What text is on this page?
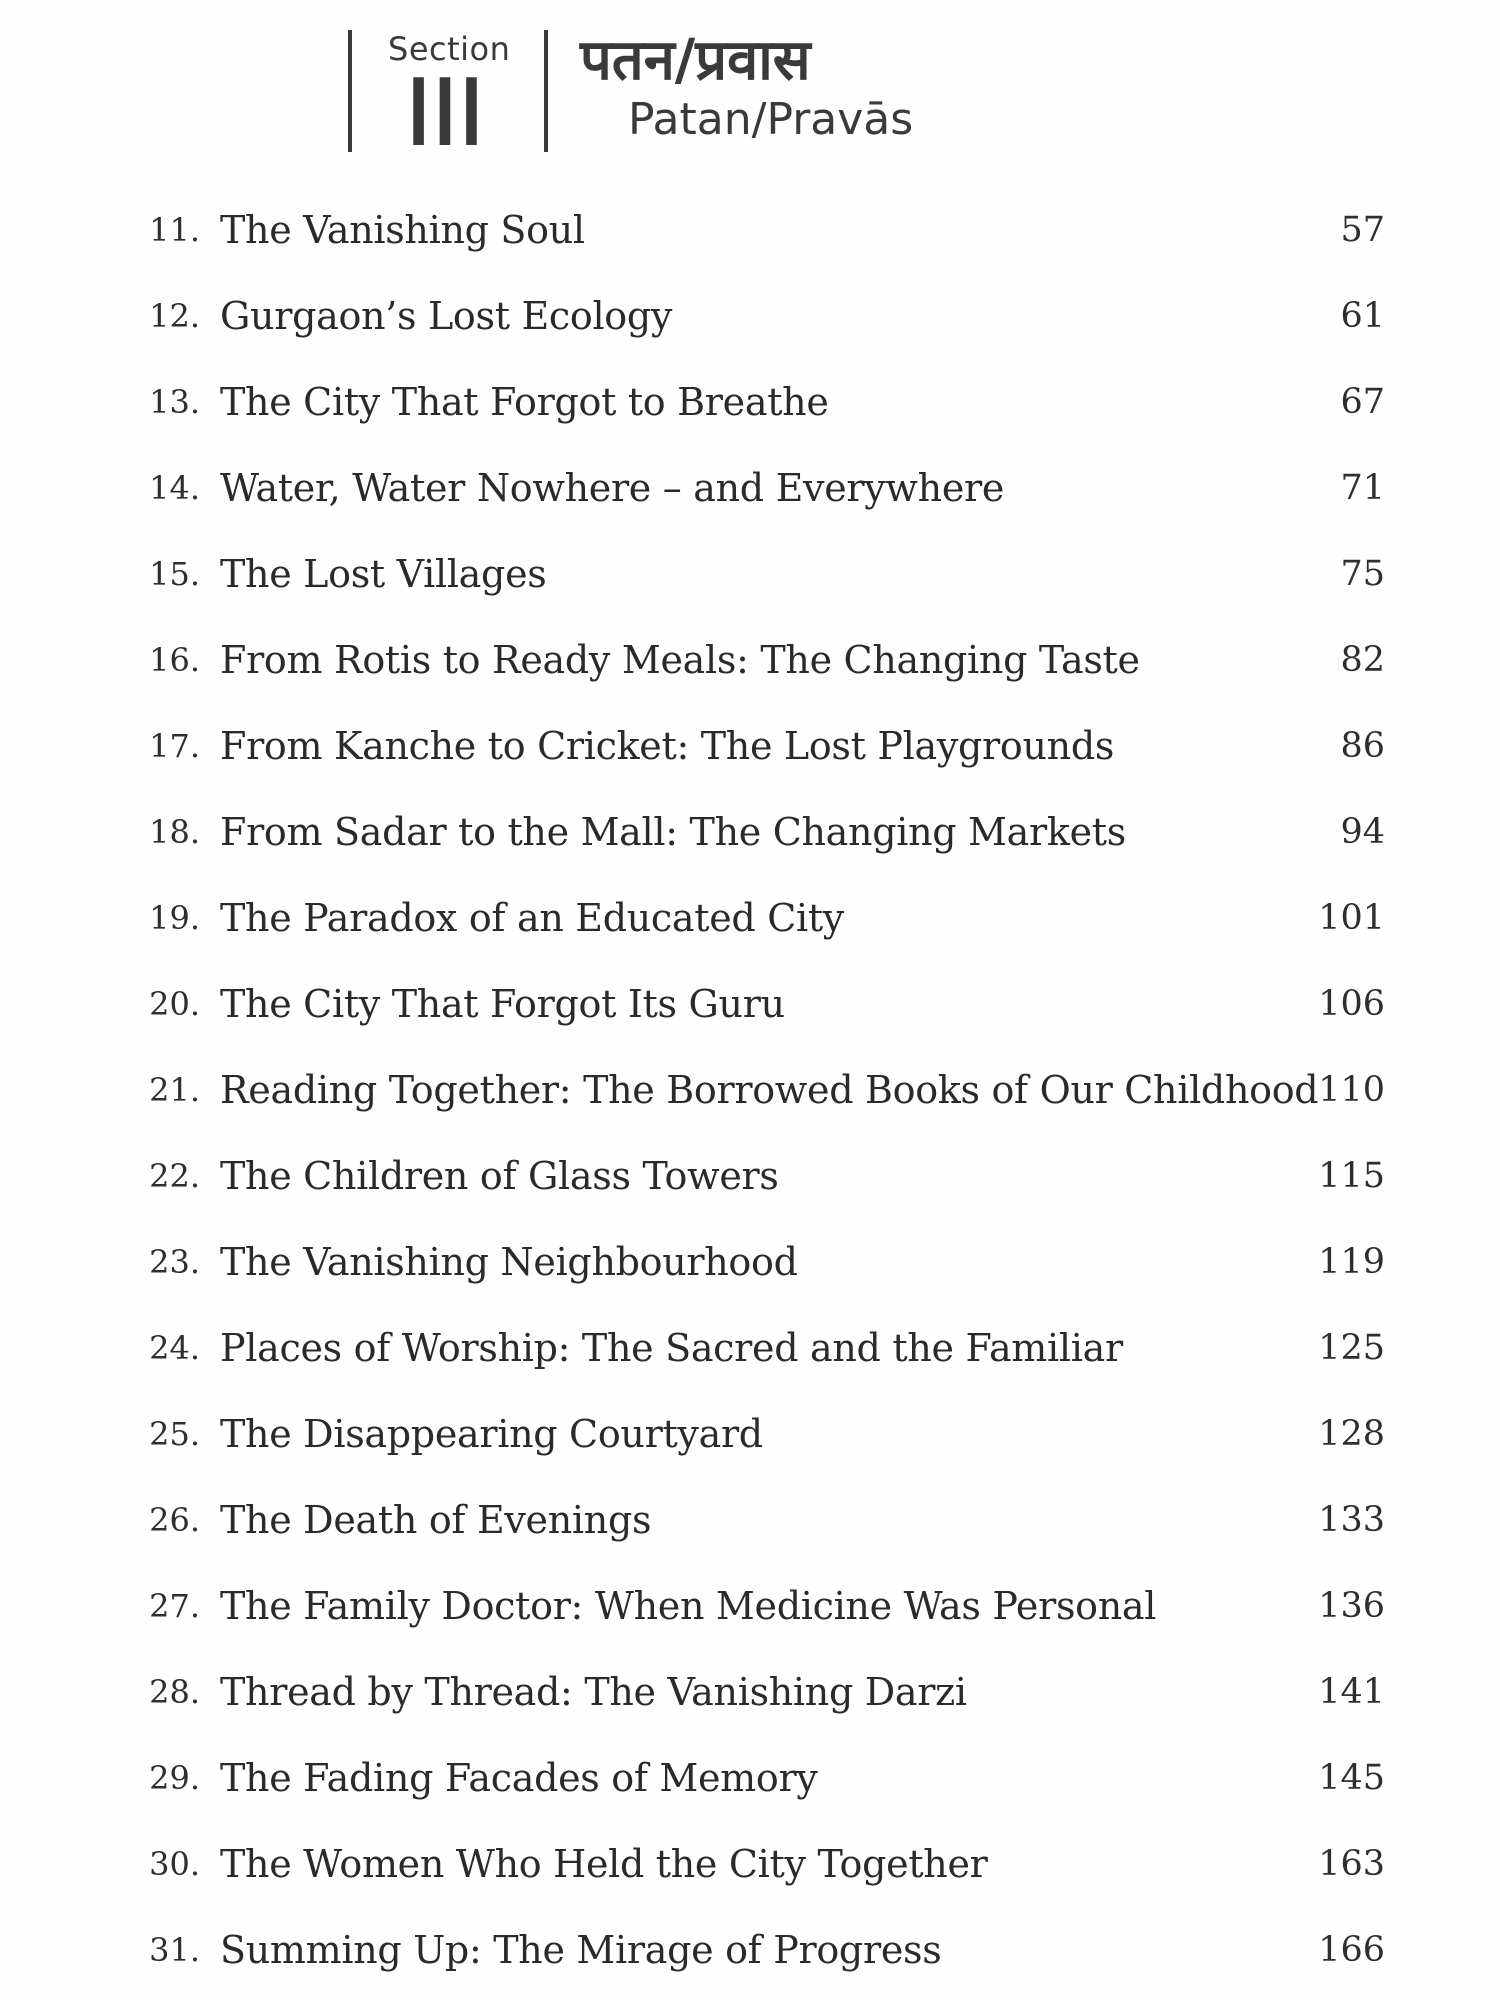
Section
III पतन/प्रवास
Patan/Pravās
11. The Vanishing Soul	57
12. Gurgaon’s Lost Ecology	61
13. The City That Forgot to Breathe	67
14. Water, Water Nowhere – and Everywhere	71
15. The Lost Villages	75
16. From Rotis to Ready Meals: The Changing Taste	82
17. From Kanche to Cricket: The Lost Playgrounds	86
18. From Sadar to the Mall: The Changing Markets	94
19. The Paradox of an Educated City	101
20. The City That Forgot Its Guru	106
21. Reading Together: The Borrowed Books of Our Childhood 110
22. The Children of Glass Towers	115
23. The Vanishing Neighbourhood	119
24. Places of Worship: The Sacred and the Familiar	125
25. The Disappearing Courtyard	128
26. The Death of Evenings	133
27. The Family Doctor: When Medicine Was Personal	136
28. Thread by Thread: The Vanishing Darzi	141
29. The Fading Facades of Memory	145
30. The Women Who Held the City Together	163
31. Summing Up: The Mirage of Progress	166
